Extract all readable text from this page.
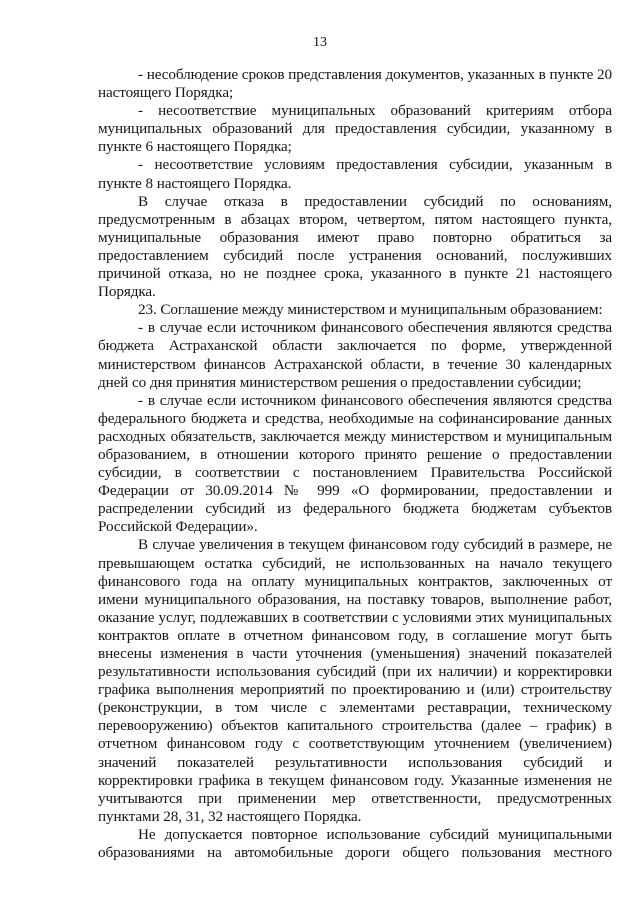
13

- несоблюдение сроков представления документов, указанных в пункте 20 настоящего Порядка;

- несоответствие муниципальных образований критериям отбора муниципальных образований для предоставления субсидии, указанному в пункте 6 настоящего Порядка;

- несоответствие условиям предоставления субсидии, указанным в пункте 8 настоящего Порядка.

В случае отказа в предоставлении субсидий по основаниям, предусмотренным в абзацах втором, четвертом, пятом настоящего пункта, муниципальные образования имеют право повторно обратиться за предоставлением субсидий после устранения оснований, послуживших причиной отказа, но не позднее срока, указанного в пункте 21 настоящего Порядка.

23. Соглашение между министерством и муниципальным образованием:

- в случае если источником финансового обеспечения являются средства бюджета Астраханской области заключается по форме, утвержденной министерством финансов Астраханской области, в течение 30 календарных дней со дня принятия министерством решения о предоставлении субсидии;

- в случае если источником финансового обеспечения являются средства федерального бюджета и средства, необходимые на софинансирование данных расходных обязательств, заключается между министерством и муниципальным образованием, в отношении которого принято решение о предоставлении субсидии, в соответствии с постановлением Правительства Российской Федерации от 30.09.2014 № 999 «О формировании, предоставлении и распределении субсидий из федерального бюджета бюджетам субъектов Российской Федерации».

В случае увеличения в текущем финансовом году субсидий в размере, не превышающем остатка субсидий, не использованных на начало текущего финансового года на оплату муниципальных контрактов, заключенных от имени муниципального образования, на поставку товаров, выполнение работ, оказание услуг, подлежавших в соответствии с условиями этих муниципальных контрактов оплате в отчетном финансовом году, в соглашение могут быть внесены изменения в части уточнения (уменьшения) значений показателей результативности использования субсидий (при их наличии) и корректировки графика выполнения мероприятий по проектированию и (или) строительству (реконструкции, в том числе с элементами реставрации, техническому перевооружению) объектов капитального строительства (далее – график) в отчетном финансовом году с соответствующим уточнением (увеличением) значений показателей результативности использования субсидий и корректировки графика в текущем финансовом году. Указанные изменения не учитываются при применении мер ответственности, предусмотренных пунктами 28, 31, 32 настоящего Порядка.

Не допускается повторное использование субсидий муниципальными образованиями на автомобильные дороги общего пользования местного
